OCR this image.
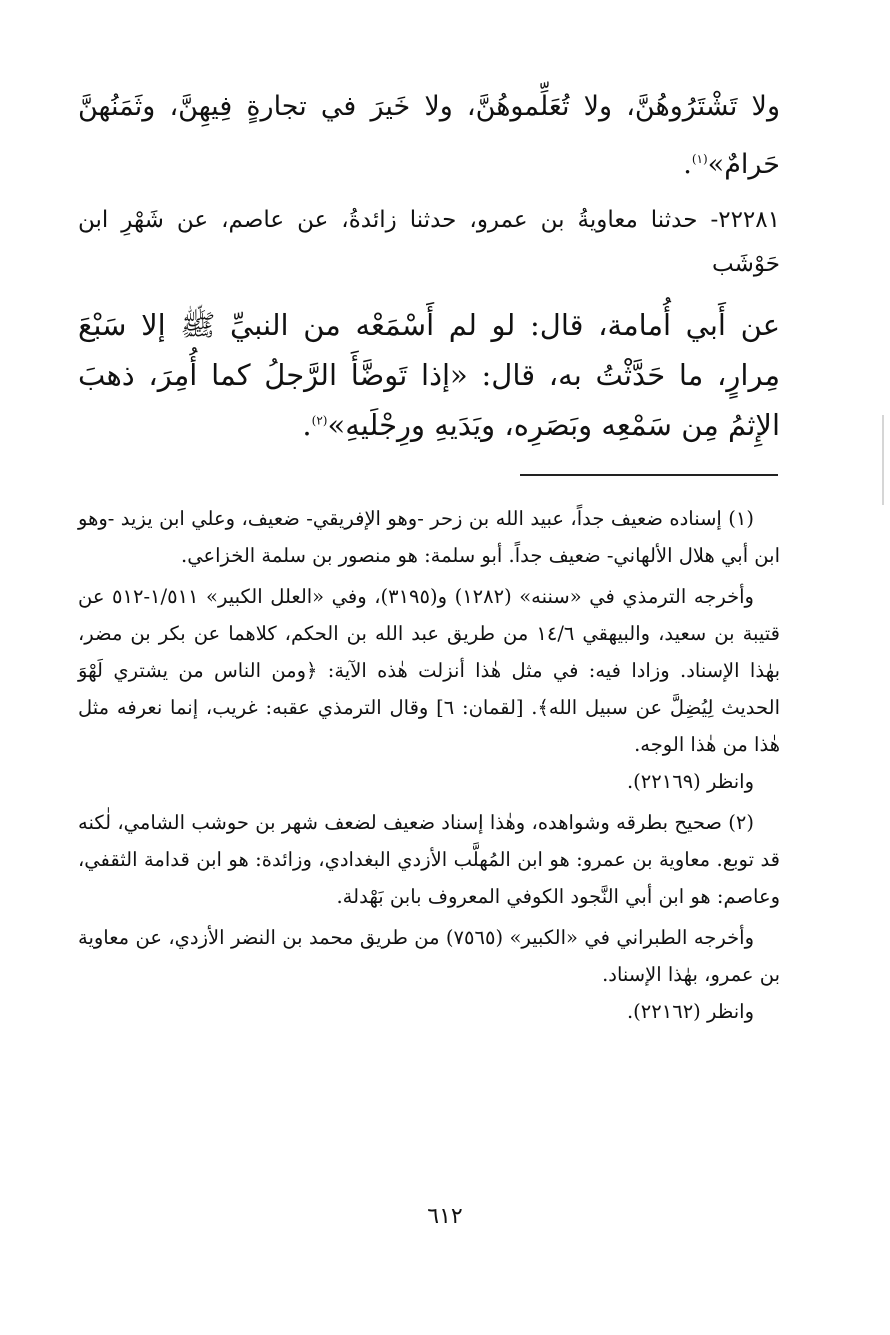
ولا تَشْتَرُوهُنَّ، ولا تُعَلِّموهُنَّ، ولا خَيرَ في تجارةٍ فِيهِنَّ، وثَمَنُهنَّ حَرامٌ»$^{(١)}$.

٢٢٢٨١- حدثنا معاويةُ بن عمرو، حدثنا زائدةُ، عن عاصم، عن شَهْرِ ابن حَوْشَب

عن أَبي أُمامة، قال: لو لم أَسْمَعْه من النبيِّ ﷺ إلا سَبْعَ مِرارٍ، ما حَدَّثْتُ به، قال: «إذا تَوضَّأَ الرَّجلُ كما أُمِرَ، ذهبَ الإِثمُ مِن سَمْعِه وبَصَرِه، ويَدَيهِ ورِجْلَيهِ»$^{(٢)}$.

(١) إسناده ضعيف جداً، عبيد الله بن زحر -وهو الإفريقي- ضعيف، وعلي ابن يزيد -وهو ابن أبي هلال الألهاني- ضعيف جداً. أبو سلمة: هو منصور بن سلمة الخزاعي.

وأخرجه الترمذي في «سننه» (١٢٨٢) و(٣١٩٥)، وفي «العلل الكبير» ١/٥١١-٥١٢ عن قتيبة بن سعيد، والبيهقي ١٤/٦ من طريق عبد الله بن الحكم، كلاهما عن بكر بن مضر، بهٰذا الإسناد. وزادا فيه: في مثل هٰذا أنزلت هٰذه الآية: ﴿ومن الناس من يشتري لَهْوَ الحديث لِيُضِلَّ عن سبيل الله﴾. [لقمان: ٦] وقال الترمذي عقبه: غريب، إنما نعرفه مثل هٰذا من هٰذا الوجه.

وانظر (٢٢١٦٩).

(٢) صحيح بطرقه وشواهده، وهٰذا إسناد ضعيف لضعف شهر بن حوشب الشامي، لٰكنه قد توبع. معاوية بن عمرو: هو ابن المُهلَّب الأزدي البغدادي، وزائدة: هو ابن قدامة الثقفي، وعاصم: هو ابن أبي النَّجود الكوفي المعروف بابن بَهْدلة.

وأخرجه الطبراني في «الكبير» (٧٥٦٥) من طريق محمد بن النضر الأزدي، عن معاوية بن عمرو، بهٰذا الإسناد.

وانظر (٢٢١٦٢).

٦١٢
